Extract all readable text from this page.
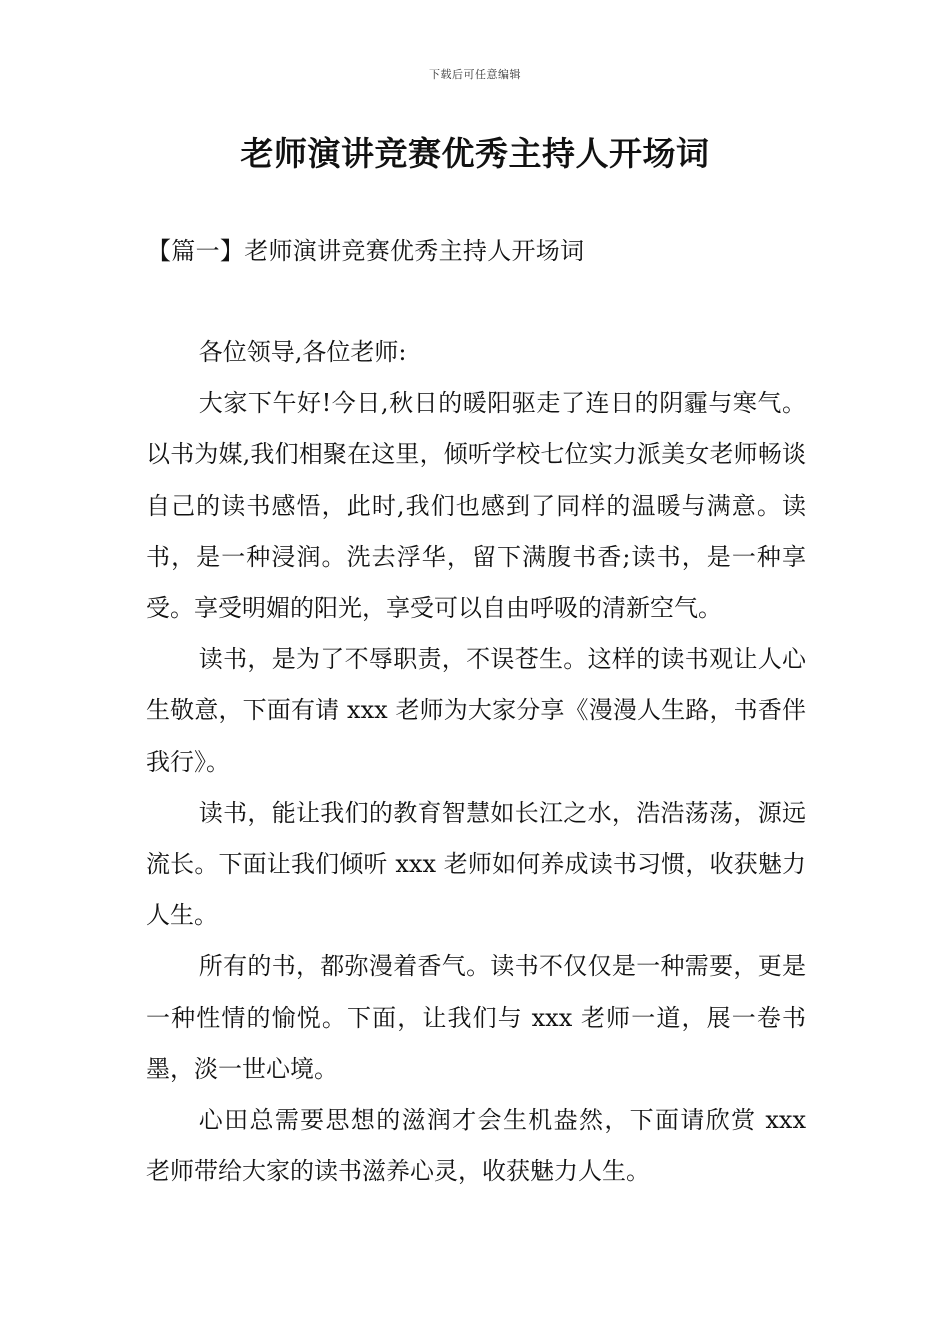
下载后可任意编辑
老师演讲竞赛优秀主持人开场词
【篇一】老师演讲竞赛优秀主持人开场词

各位领导,各位老师:

大家下午好!今日,秋日的暖阳驱走了连日的阴霾与寒气。以书为媒,我们相聚在这里，倾听学校七位实力派美女老师畅谈自己的读书感悟，此时,我们也感到了同样的温暖与满意。读书，是一种浸润。洗去浮华，留下满腹书香;读书，是一种享受。享受明媚的阳光，享受可以自由呼吸的清新空气。

读书，是为了不辱职责，不误苍生。这样的读书观让人心生敬意，下面有请 xxx 老师为大家分享《漫漫人生路，书香伴我行》。

读书，能让我们的教育智慧如长江之水，浩浩荡荡，源远流长。下面让我们倾听 xxx 老师如何养成读书习惯，收获魅力人生。

所有的书，都弥漫着香气。读书不仅仅是一种需要，更是一种性情的愉悦。下面，让我们与 xxx 老师一道，展一卷书墨，淡一世心境。

心田总需要思想的滋润才会生机盎然，下面请欣赏 xxx 老师带给大家的读书滋养心灵，收获魅力人生。
